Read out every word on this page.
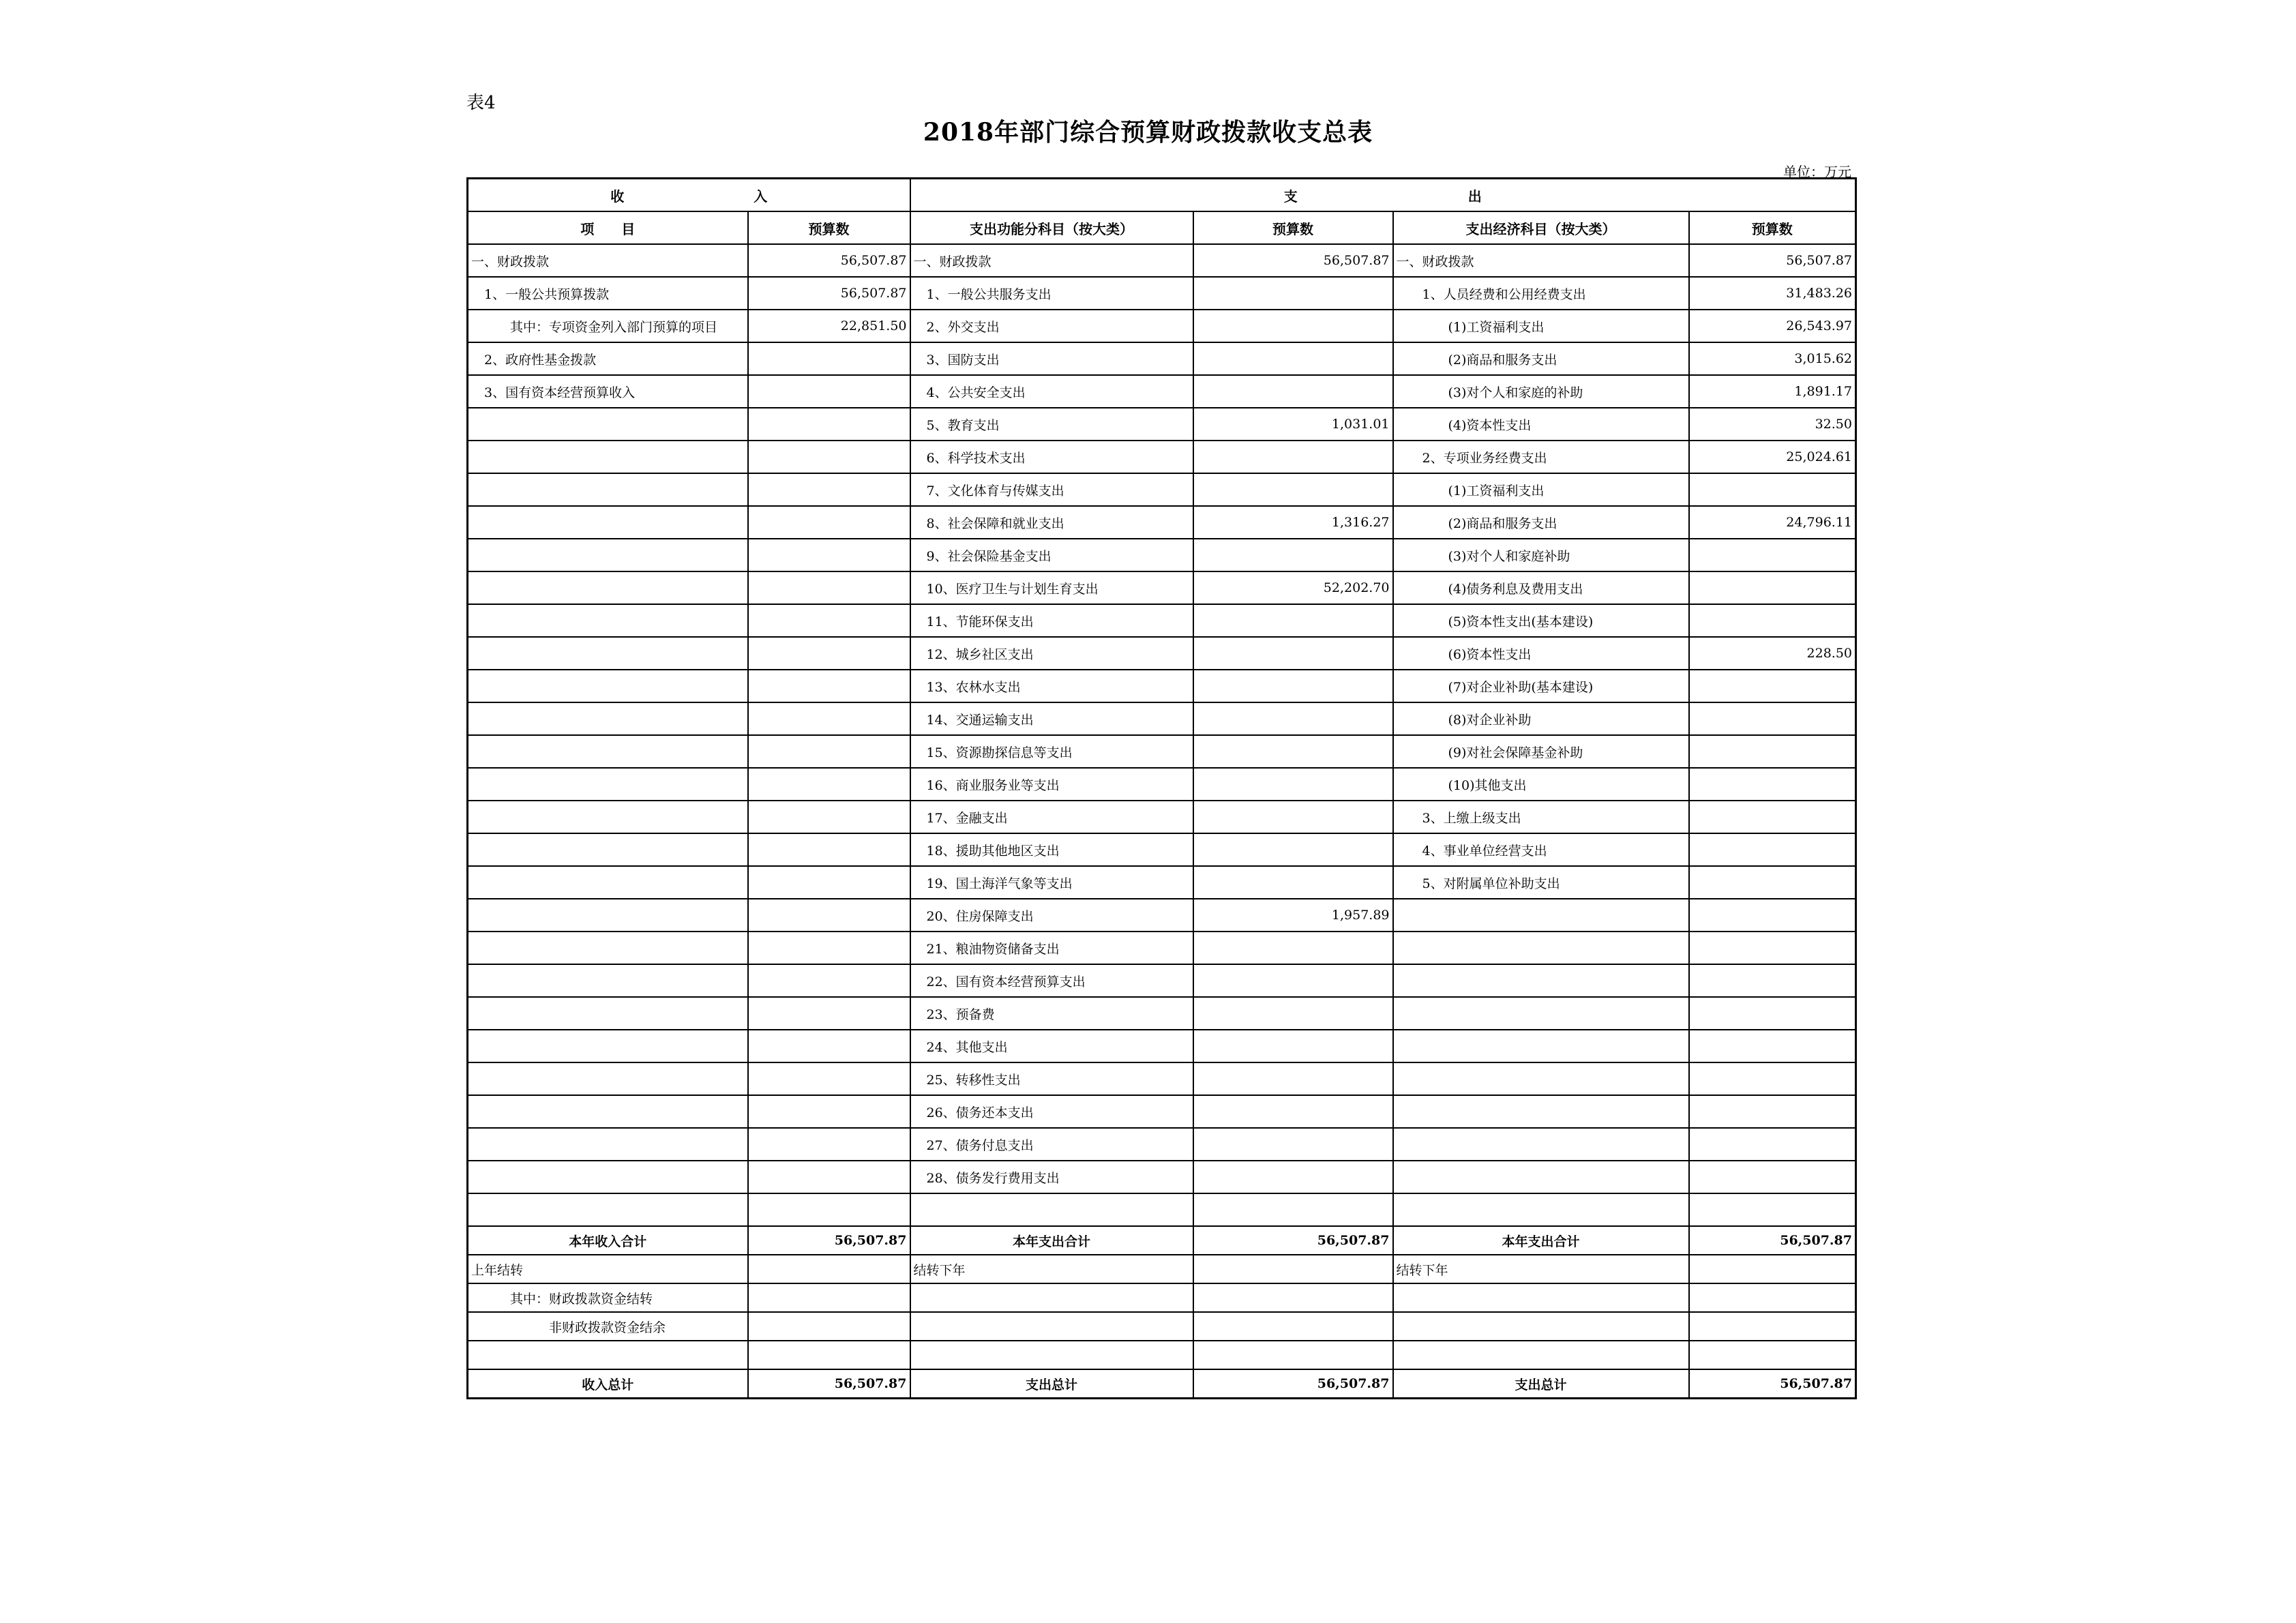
表4
2018年部门综合预算财政拨款收支总表
单位：万元
收 入		支 出			
项　　目	预算数	支出功能分科目（按大类）	预算数	支出经济科目（按大类）	预算数
一、财政拨款	56,507.87	一、财政拨款	56,507.87	一、财政拨款	56,507.87
　1、一般公共预算拨款	56,507.87	　1、一般公共服务支出		　　1、人员经费和公用经费支出	31,483.26
　　　其中：专项资金列入部门预算的项目	22,851.50	　2、外交支出		　　　　(1)工资福利支出	26,543.97
　2、政府性基金拨款		　3、国防支出		　　　　(2)商品和服务支出	3,015.62
　3、国有资本经营预算收入		　4、公共安全支出		　　　　(3)对个人和家庭的补助	1,891.17
		　5、教育支出	1,031.01	　　　　(4)资本性支出	32.50
		　6、科学技术支出		　　2、专项业务经费支出	25,024.61
		　7、文化体育与传媒支出		　　　　(1)工资福利支出	
		　8、社会保障和就业支出	1,316.27	　　　　(2)商品和服务支出	24,796.11
		　9、社会保险基金支出		　　　　(3)对个人和家庭补助	
		　10、医疗卫生与计划生育支出	52,202.70	　　　　(4)债务利息及费用支出	
		　11、节能环保支出		　　　　(5)资本性支出(基本建设)	
		　12、城乡社区支出		　　　　(6)资本性支出	228.50
		　13、农林水支出		　　　　(7)对企业补助(基本建设)	
		　14、交通运输支出		　　　　(8)对企业补助	
		　15、资源勘探信息等支出		　　　　(9)对社会保障基金补助	
		　16、商业服务业等支出		　　　　(10)其他支出	
		　17、金融支出		　　3、上缴上级支出	
		　18、援助其他地区支出		　　4、事业单位经营支出	
		　19、国土海洋气象等支出		　　5、对附属单位补助支出	
		　20、住房保障支出	1,957.89		
		　21、粮油物资储备支出			
		　22、国有资本经营预算支出			
		　23、预备费			
		　24、其他支出			
		　25、转移性支出			
		　26、债务还本支出			
		　27、债务付息支出			
		　28、债务发行费用支出			

本年收入合计	56,507.87	本年支出合计	56,507.87	本年支出合计	56,507.87
上年结转		结转下年		结转下年	
　　　其中：财政拨款资金结转					
　　　　　　非财政拨款资金结余					

收入总计	56,507.87	支出总计	56,507.87	支出总计	56,507.87
